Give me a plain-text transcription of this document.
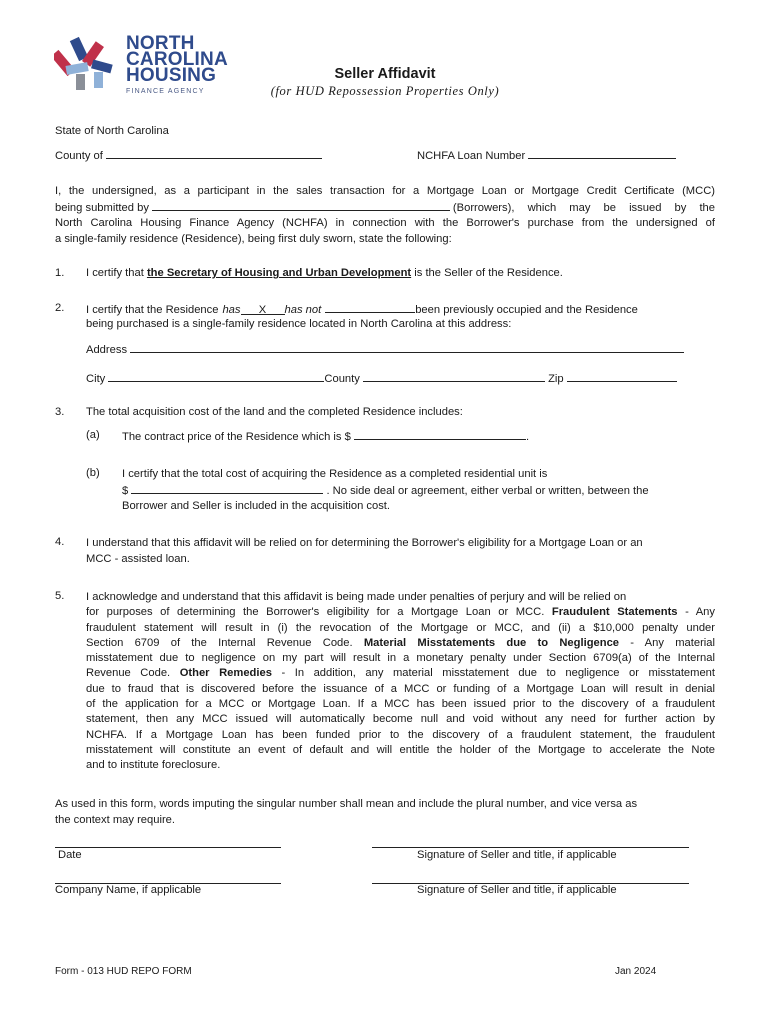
NORTH
CAROLINA
HOUSING
FINANCE AGENCY
Seller Affidavit
(for HUD Repossession Properties Only)
State of North Carolina
County of	NCHFA Loan Number
I, the undersigned, as a participant in the sales transaction for a Mortgage Loan or Mortgage Credit Certificate (MCC)
being submitted by	(Borrowers), which may be issued by the
North Carolina Housing Finance Agency (NCHFA) in connection with the Borrower's purchase from the undersigned of
a single-family residence (Residence), being first duly sworn, state the following:
1. I certify that the Secretary of Housing and Urban Development is the Seller of the Residence.
2. I certify that the Residence has	X	has not	been previously occupied and the Residence
being purchased is a single-family residence located in North Carolina at this address:
Address
City	County	Zip
3. The total acquisition cost of the land and the completed Residence includes:
(a) The contract price of the Residence which is $	.
(b) I certify that the total cost of acquiring the Residence as a completed residential unit is
$	. No side deal or agreement, either verbal or written, between the
Borrower and Seller is included in the acquisition cost.
4. I understand that this affidavit will be relied on for determining the Borrower's eligibility for a Mortgage Loan or an
MCC - assisted loan.
5. I acknowledge and understand that this affidavit is being made under penalties of perjury and will be relied on
for purposes of determining the Borrower's eligibility for a Mortgage Loan or MCC. Fraudulent Statements - Any
fraudulent statement will result in (i) the revocation of the Mortgage or MCC, and (ii) a $10,000 penalty under
Section 6709 of the Internal Revenue Code. Material Misstatements due to Negligence - Any material
misstatement due to negligence on my part will result in a monetary penalty under Section 6709(a) of the Internal
Revenue Code. Other Remedies - In addition, any material misstatement due to negligence or misstatement
due to fraud that is discovered before the issuance of a MCC or funding of a Mortgage Loan will result in denial
of the application for a MCC or Mortgage Loan. If a MCC has been issued prior to the discovery of a fraudulent
statement, then any MCC issued will automatically become null and void without any need for further action by
NCHFA. If a Mortgage Loan has been funded prior to the discovery of a fraudulent statement, the fraudulent
misstatement will constitute an event of default and will entitle the holder of the Mortgage to accelerate the Note
and to institute foreclosure.
As used in this form, words imputing the singular number shall mean and include the plural number, and vice versa as
the context may require.
Date	Signature of Seller and title, if applicable
Company Name, if applicable	Signature of Seller and title, if applicable
Form - 013 HUD REPO FORM	Jan 2024
